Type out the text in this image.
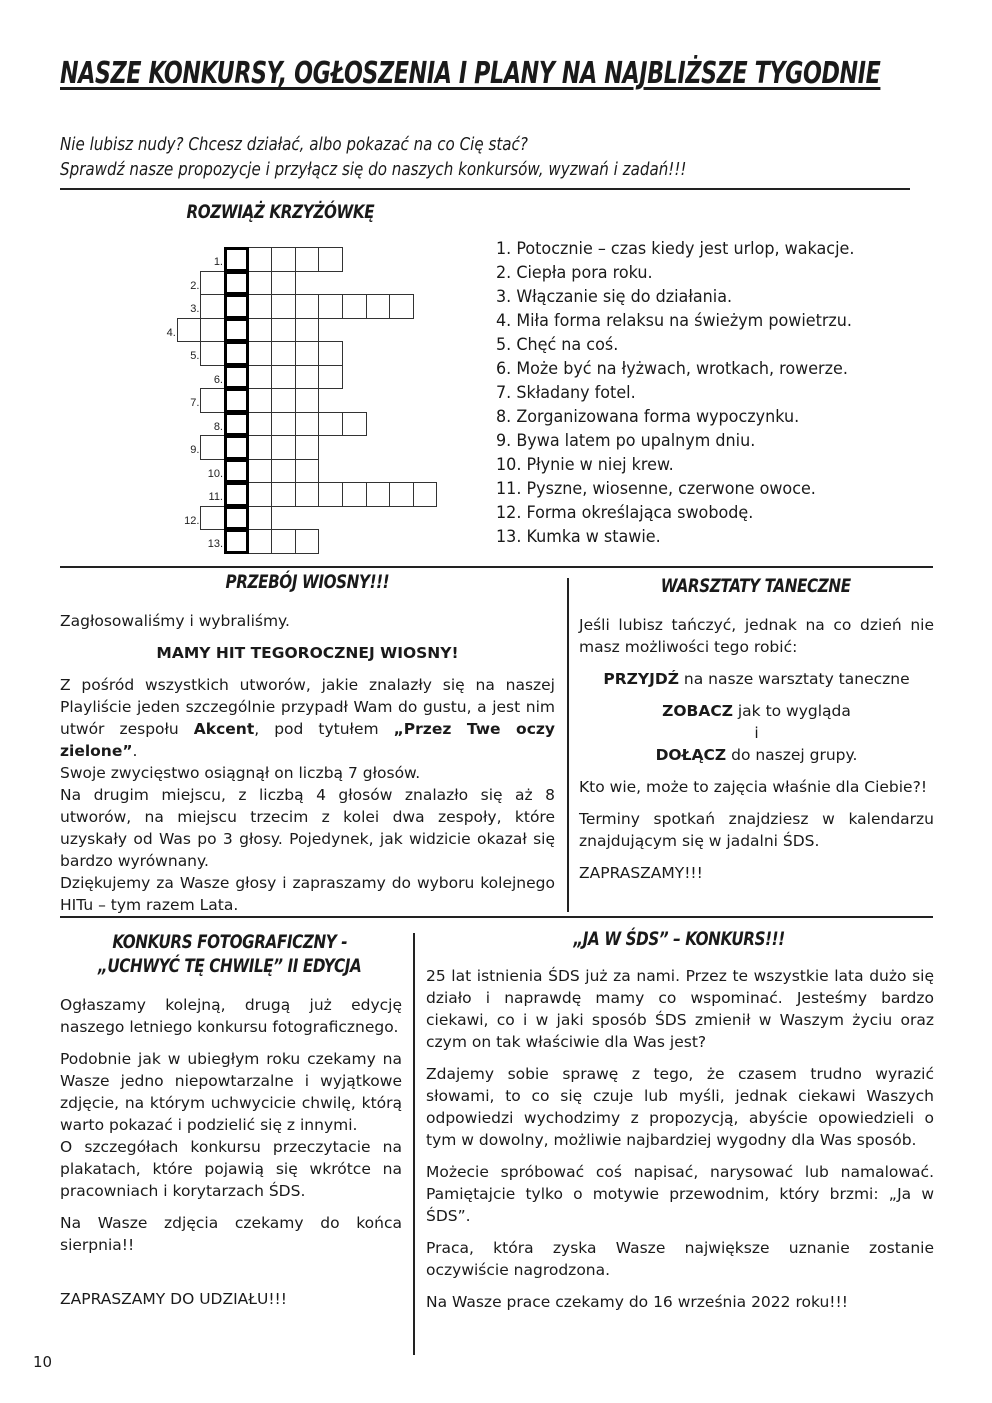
NASZE KONKURSY, OGŁOSZENIA I PLANY NA NAJBLIŻSZE TYGODNIE
Nie lubisz nudy? Chcesz działać, albo pokazać na co Cię stać?
Sprawdź nasze propozycje i przyłącz się do naszych konkursów, wyzwań i zadań!!!
ROZWIĄŻ KRZYŻÓWKĘ
1.
2.
3.
4.
5.
6.
7.
8.
9.
10.
11.
12.
13.
1. Potocznie – czas kiedy jest urlop, wakacje.
2. Ciepła pora roku.
3. Włączanie się do działania.
4. Miła forma relaksu na świeżym powietrzu.
5. Chęć na coś.
6. Może być na łyżwach, wrotkach, rowerze.
7. Składany fotel.
8. Zorganizowana forma wypoczynku.
9. Bywa latem po upalnym dniu.
10. Płynie w niej krew.
11. Pyszne, wiosenne, czerwone owoce.
12. Forma określająca swobodę.
13. Kumka w stawie.
PRZEBÓJ WIOSNY!!!

Zagłosowaliśmy i wybraliśmy.

MAMY HIT TEGOROCZNEJ WIOSNY!

Z pośród wszystkich utworów, jakie znalazły się na naszej Playliście jeden szczególnie przypadł Wam do gustu, a jest nim utwór zespołu Akcent, pod tytułem „Przez Twe oczy zielone”.

Swoje zwycięstwo osiągnął on liczbą 7 głosów.

Na drugim miejscu, z liczbą 4 głosów znalazło się aż 8 utworów, na miejscu trzecim z kolei dwa zespoły, które uzyskały od Was po 3 głosy. Pojedynek, jak widzicie okazał się bardzo wyrównany.

Dziękujemy za Wasze głosy i zapraszamy do wyboru kolejnego HITu – tym razem Lata.

WARSZTATY TANECZNE

Jeśli lubisz tańczyć, jednak na co dzień nie masz możliwości tego robić:

PRZYJDŹ na nasze warsztaty taneczne

ZOBACZ jak to wygląda

i

DOŁĄCZ do naszej grupy.

Kto wie, może to zajęcia właśnie dla Ciebie?!

Terminy spotkań znajdziesz w kalendarzu znajdującym się w jadalni ŚDS.

ZAPRASZAMY!!!

KONKURS FOTOGRAFICZNY -
„UCHWYĆ TĘ CHWILĘ” II EDYCJA

Ogłaszamy kolejną, drugą już edycję naszego letniego konkursu fotograficznego.

Podobnie jak w ubiegłym roku czekamy na Wasze jedno niepowtarzalne i wyjątkowe zdjęcie, na którym uchwycicie chwilę, którą warto pokazać i podzielić się z innymi.

O szczegółach konkursu przeczytacie na plakatach, które pojawią się wkrótce na pracowniach i korytarzach ŚDS.

Na Wasze zdjęcia czekamy do końca sierpnia!!

ZAPRASZAMY DO UDZIAŁU!!!

„JA W ŚDS” – KONKURS!!!

25 lat istnienia ŚDS już za nami. Przez te wszystkie lata dużo się działo i naprawdę mamy co wspominać. Jesteśmy bardzo ciekawi, co i w jaki sposób ŚDS zmienił w Waszym życiu oraz czym on tak właściwie dla Was jest?

Zdajemy sobie sprawę z tego, że czasem trudno wyrazić słowami, to co się czuje lub myśli, jednak ciekawi Waszych odpowiedzi wychodzimy z propozycją, abyście opowiedzieli o tym w dowolny, możliwie najbardziej wygodny dla Was sposób.

Możecie spróbować coś napisać, narysować lub namalować. Pamiętajcie tylko o motywie przewodnim, który brzmi: „Ja w ŚDS”.

Praca, która zyska Wasze największe uznanie zostanie oczywiście nagrodzona.

Na Wasze prace czekamy do 16 września 2022 roku!!!

10
